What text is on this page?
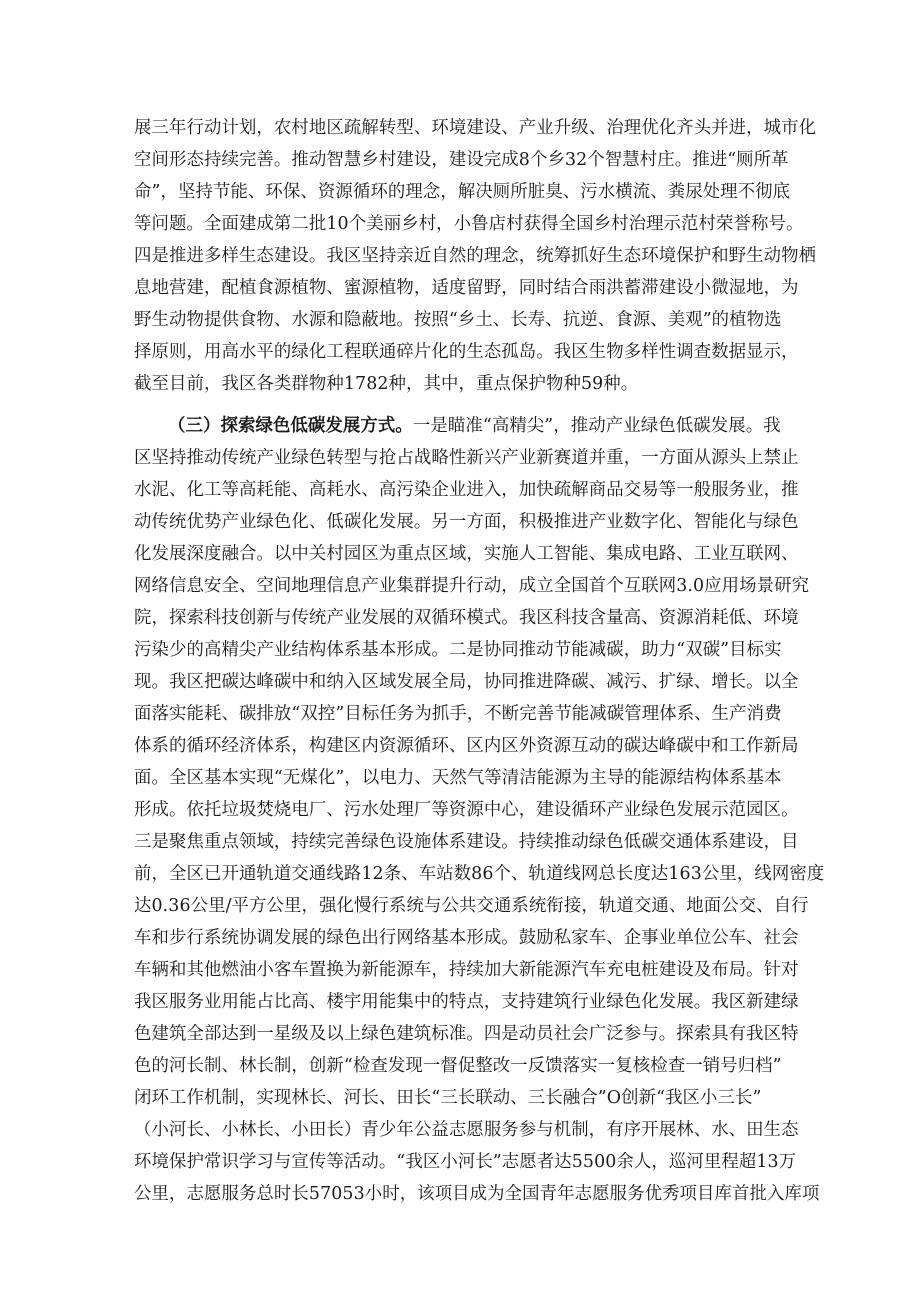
展三年行动计划，农村地区疏解转型、环境建设、产业升级、治理优化齐头并进，城市化
空间形态持续完善。推动智慧乡村建设，建设完成8个乡32个智慧村庄。推进“厕所革
命”，坚持节能、环保、资源循环的理念，解决厕所脏臭、污水横流、粪尿处理不彻底
等问题。全面建成第二批10个美丽乡村，小鲁店村获得全国乡村治理示范村荣誉称号。
四是推进多样生态建设。我区坚持亲近自然的理念，统筹抓好生态环境保护和野生动物栖
息地营建，配植食源植物、蜜源植物，适度留野，同时结合雨洪蓄滞建设小微湿地，为
野生动物提供食物、水源和隐蔽地。按照“乡土、长寿、抗逆、食源、美观”的植物选
择原则，用高水平的绿化工程联通碎片化的生态孤岛。我区生物多样性调查数据显示，
截至目前，我区各类群物种1782种，其中，重点保护物种59种。
（三）探索绿色低碳发展方式。一是瞄准“高精尖”，推动产业绿色低碳发展。我
区坚持推动传统产业绿色转型与抢占战略性新兴产业新赛道并重，一方面从源头上禁止
水泥、化工等高耗能、高耗水、高污染企业进入，加快疏解商品交易等一般服务业，推
动传统优势产业绿色化、低碳化发展。另一方面，积极推进产业数字化、智能化与绿色
化发展深度融合。以中关村园区为重点区域，实施人工智能、集成电路、工业互联网、
网络信息安全、空间地理信息产业集群提升行动，成立全国首个互联网3.0应用场景研究
院，探索科技创新与传统产业发展的双循环模式。我区科技含量高、资源消耗低、环境
污染少的高精尖产业结构体系基本形成。二是协同推动节能减碳，助力“双碳”目标实
现。我区把碳达峰碳中和纳入区域发展全局，协同推进降碳、减污、扩绿、增长。以全
面落实能耗、碳排放“双控”目标任务为抓手，不断完善节能减碳管理体系、生产消费
体系的循环经济体系，构建区内资源循环、区内区外资源互动的碳达峰碳中和工作新局
面。全区基本实现“无煤化”，以电力、天然气等清洁能源为主导的能源结构体系基本
形成。依托垃圾焚烧电厂、污水处理厂等资源中心，建设循环产业绿色发展示范园区。
三是聚焦重点领域，持续完善绿色设施体系建设。持续推动绿色低碳交通体系建设，目
前，全区已开通轨道交通线路12条、车站数86个、轨道线网总长度达163公里，线网密度
达0.36公里/平方公里，强化慢行系统与公共交通系统衔接，轨道交通、地面公交、自行
车和步行系统协调发展的绿色出行网络基本形成。鼓励私家车、企事业单位公车、社会
车辆和其他燃油小客车置换为新能源车，持续加大新能源汽车充电桩建设及布局。针对
我区服务业用能占比高、楼宇用能集中的特点，支持建筑行业绿色化发展。我区新建绿
色建筑全部达到一星级及以上绿色建筑标准。四是动员社会广泛参与。探索具有我区特
色的河长制、林长制，创新“检查发现一督促整改一反馈落实一复核检查一销号归档”
闭环工作机制，实现林长、河长、田长“三长联动、三长融合”O创新“我区小三长”
（小河长、小林长、小田长）青少年公益志愿服务参与机制，有序开展林、水、田生态
环境保护常识学习与宣传等活动。“我区小河长”志愿者达5500余人，巡河里程超13万
公里，志愿服务总时长57053小时，该项目成为全国青年志愿服务优秀项目库首批入库项
